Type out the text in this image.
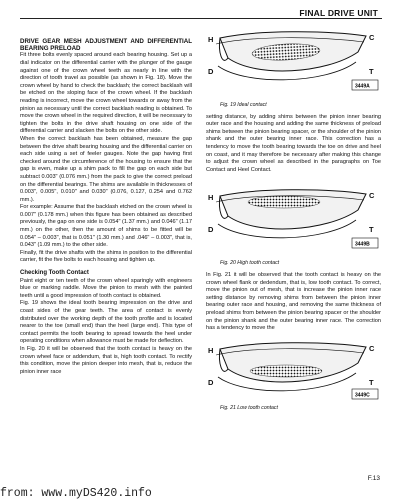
FINAL DRIVE UNIT

DRIVE GEAR MESH ADJUSTMENT AND DIFFERENTIAL BEARING PRELOAD

Fit three bolts evenly spaced around each bearing housing. Set up a dial indicator on the differential carrier with the plunger of the gauge against one of the crown wheel teeth as nearly in line with the direction of tooth travel as possible (as shown in Fig. 18). Move the crown wheel by hand to check the backlash; the correct backlash will be etched on the sloping face of the crown wheel. If the backlash reading is incorrect, move the crown wheel towards or away from the pinion as necessary until the correct backlash reading is obtained. To move the crown wheel in the required direction, it will be necessary to tighten the bolts in the drive shaft housing on one side of the differential carrier and slacken the bolts on the other side.

When the correct backlash has been obtained, measure the gap between the drive shaft bearing housing and the differential carrier on each side using a set of feeler gauges. Note the gap having first checked around the circumference of the housing to ensure that the gap is even, make up a shim pack to fill the gap on each side but subtract 0.003" (0.076 mm.) from the pack to give the correct preload on the differential bearings. The shims are available in thicknesses of 0.003", 0.005", 0.010" and 0.030" (0.076, 0.127, 0.254 and 0.762 mm.).

For example: Assume that the backlash etched on the crown wheel is 0.007" (0.178 mm.) when this figure has been obtained as described previously, the gap on one side is 0.054" (1.37 mm.) and 0.046" (1.17 mm.) on the other, then the amount of shims to be fitted will be 0.054" – 0.003", that is 0.051" (1.30 mm.) and .046" – 0.003", that is, 0.043" (1.09 mm.) to the other side.

Finally, fit the drive shafts with the shims in position to the differential carrier, fit the five bolts to each housing and tighten up.

Checking Tooth Contact

Paint eight or ten teeth of the crown wheel sparingly with engineers blue or marking raddle. Move the pinion to mesh with the painted teeth until a good impression of tooth contact is obtained.

Fig. 19 shows the ideal tooth bearing impression on the drive and coast sides of the gear teeth. The area of contact is evenly distributed over the working depth of the tooth profile and is located nearer to the toe (small end) than the heel (large end). This type of contact permits the tooth bearing to spread towards the heel under operating conditions when allowance must be made for deflection.

In Fig. 20 it will be observed that the tooth contact is heavy on the crown wheel face or addendum, that is, high tooth contact. To rectify this condition, move the pinion deeper into mesh, that is, reduce the pinion inner race

H	C
D	T
3449A

Fig. 19 Ideal contact

setting distance, by adding shims between the pinion inner bearing outer race and the housing and adding the same thickness of preload shims between the pinion bearing spacer, or the shoulder of the pinion shank and the outer bearing inner race. This correction has a tendency to move the tooth bearing towards the toe on drive and heel on coast, and it may therefore be necessary after making this change to adjust the crown wheel as described in the paragraphs on Toe Contact and Heel Contact.

H	C
D	T
3449B

Fig. 20 High tooth contact

In Fig. 21 it will be observed that the tooth contact is heavy on the crown wheel flank or dedendum, that is, low tooth contact. To correct, move the pinion out of mesh, that is increase the pinion inner race setting distance by removing shims from between the pinion inner bearing outer race and housing, and removing the same thickness of preload shims from between the pinion bearing spacer or the shoulder on the pinion shank and the outer bearing inner race. The correction has a tendency to move the

H	C
D	T
3449C

Fig. 21 Low tooth contact

F.13
from: www.myDS420.info
